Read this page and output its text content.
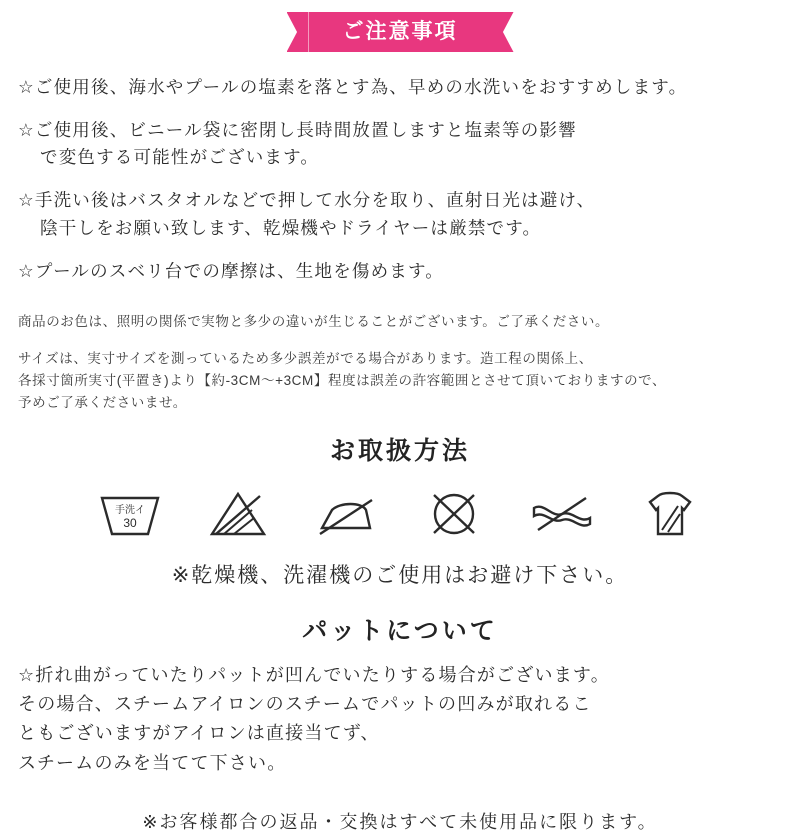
ご注意事項

☆ご使用後、海水やプールの塩素を落とす為、早めの水洗いをおすすめします。

☆ご使用後、ビニール袋に密閉し長時間放置しますと塩素等の影響
で変色する可能性がございます。

☆手洗い後はバスタオルなどで押して水分を取り、直射日光は避け、
陰干しをお願い致します、乾燥機やドライヤーは厳禁です。

☆プールのスベリ台での摩擦は、生地を傷めます。

商品のお色は、照明の関係で実物と多少の違いが生じることがございます。ご了承ください。

サイズは、実寸サイズを測っているため多少誤差がでる場合があります。造工程の関係上、
各採寸箇所実寸(平置き)より【約-3CM〜+3CM】程度は誤差の許容範囲とさせて頂いておりますので、
予めご了承くださいませ。

お取扱方法
手洗イ
30

※乾燥機、洗濯機のご使用はお避け下さい。

パットについて

☆折れ曲がっていたりパットが凹んでいたりする場合がございます。
その場合、スチームアイロンのスチームでパットの凹みが取れるこ
ともございますがアイロンは直接当てず、
スチームのみを当てて下さい。

※お客様都合の返品・交換はすべて未使用品に限ります。
